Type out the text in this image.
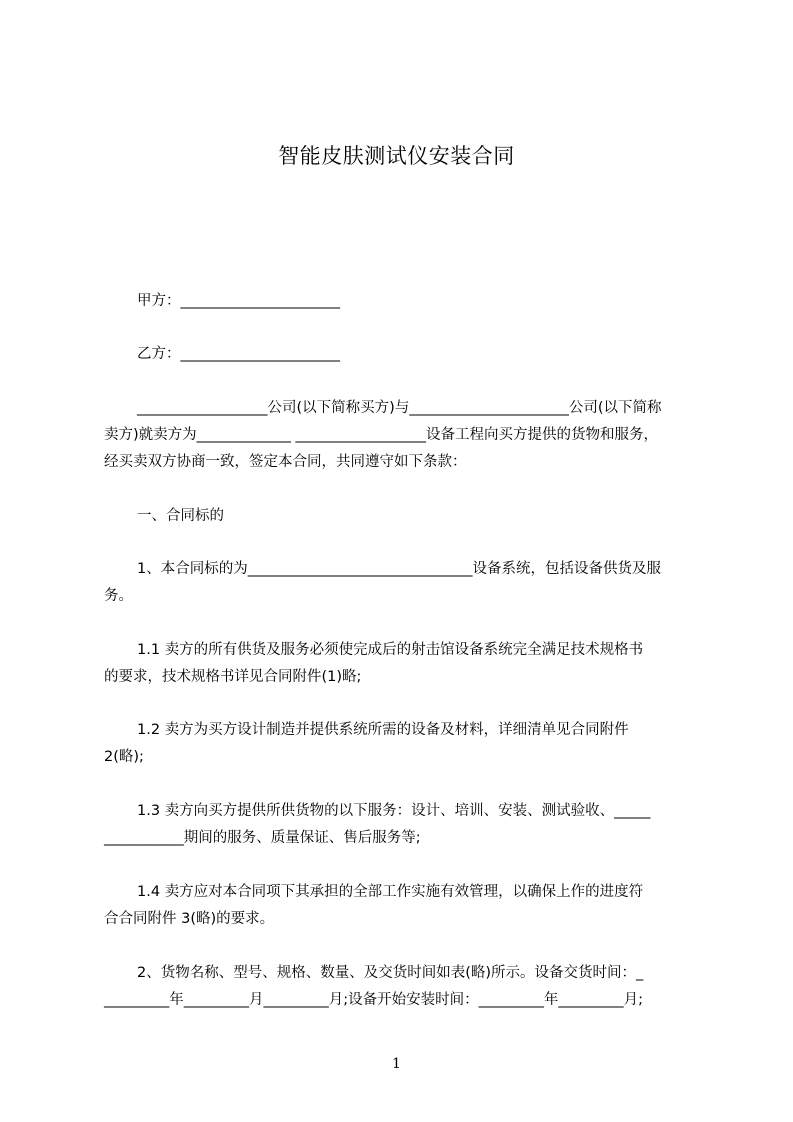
智能皮肤测试仪安装合同
甲方：______________________
乙方：______________________
__________________公司(以下简称买方)与______________________公司(以下简称
卖方)就卖方为_____________ __________________设备工程向买方提供的货物和服务，
经买卖双方协商一致，签定本合同，共同遵守如下条款：
一、合同标的
1、本合同标的为_______________________________设备系统，包括设备供货及服
务。
1.1 卖方的所有供货及服务必须使完成后的射击馆设备系统完全满足技术规格书
的要求，技术规格书详见合同附件(1)略;
1.2 卖方为买方设计制造并提供系统所需的设备及材料，详细清单见合同附件
2(略);
1.3 卖方向买方提供所供货物的以下服务：设计、培训、安装、测试验收、_____
___________期间的服务、质量保证、售后服务等;
1.4 卖方应对本合同项下其承担的全部工作实施有效管理，以确保上作的进度符
合合同附件 3(略)的要求。
2、货物名称、型号、规格、数量、及交货时间如表(略)所示。设备交货时间：_
_________年_________月_________月;设备开始安装时间：_________年_________月;
1
